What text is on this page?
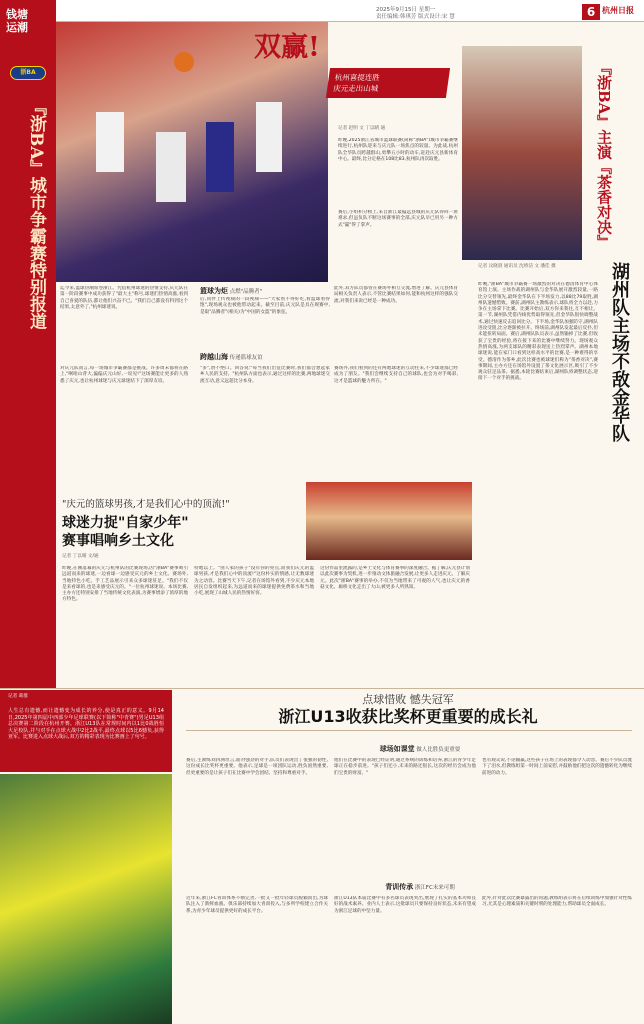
2025年9月15日 星期一
责任编辑:韩琪芳 版式设计:宋 慧	6 杭州日报
钱塘运潮
浙BA
『浙BA』城市争霸赛特别报道
双赢!
杭州喜提连胜
庆元走出山城
记者 赵明 文 丁以晴 通
昨晚,2025浙江省城市篮球联赛(简称"浙BA")城市争霸赛继续进行,杭州队迎来与庆元队一场焦点的较量。为此战,杭州队全华队员跨越群山,勇攀五小时的动车,赶赴庆元县新体育中心。最终,比分定格在108比83,杭州队再次取胜。
赛后,小组积分榜上,来自浙江最偏远县城的庆元队得回一席难求,但虽负队不断这场赛事的全部,庆元队早已用另一种方式"赢"得了掌声。
迄今来,篮球热潮席卷浙江。凭借杭州球迷的热情支持,庆元队在第一阶段赛事中成功获得了"最大主"称号,球迷们热情高涨,看到自己喜爱的队伍,都让他们兴奋不已。"我们自己都没有料到这个结果,太意外了,"杭州球迷说。
篮球为炬 点燃"品腾者"
后,同伴上传视频的一段视频——"大家看不得好吃,看篮球看得饱",现场观众也被他带动起来。截至目前,庆元队是具在规赛中,是取"品腾者"(相关)为"中国的女篮"的象征。
此外,双方队员都曾在赛场外相互交流,增进了解。庆元县体育局相关负责人表示,不管比赛结果如何,能和杭州这样的强队交流,对我们来说已经是一种成功。
跨越山海 传递篮球友谊
对庆元队而言,每一场城市争霸赛都是挑战。许多周末都将在路上,"啊咱山背大,偏偏庆元山好,一说见!"这场赛能让更多的人熟悉了庆元,也让杭州球迷与庆元球迷结下了深厚友谊。
"多",赞不绝口。回答说:"每当我们出征比赛时,我们都会想起家乡人民的支持。"杭州队方面也表示,通过这样的比赛,两地球迷交流互动,意义远超比分本身。
赛场外,我们看到的还有两地球迷的互动往来,不少球迷都已经成为了朋友。"我们会继续支持自己的球队,也会为对手喝彩,这才是篮球的魅力所在。"
『浙BA』主演『茶香对决』
湖州队主场不敌金华队
记者 汶晓晨 通讯员 沈娇洁 文 潘佳 摄
昨晚,"浙BA"城市争霸赛一场激烈的对决在德清体育中心体育馆上演。主场作战的湖州队与金华队展开激烈较量,一路比分交替领先,最终金华队在下半场发力,以88比79取胜,湖州队遗憾惜败。赛前,湖州队主教练表示,球队将全力以赴,力争在主场拿下比赛。比赛开始后,双方你来我往,互不相让。第一节,湖州队凭借内线优势取得领先,但金华队很快调整战术,通过快速反击追回比分。下半场,金华队加强防守,湖州队进攻受阻,比分逐渐被拉开。终场前,湖州队发起最后反扑,但未能扭转局面。赛后,湖州队队员表示,虽然输掉了比赛,但收获了宝贵的经验,将在接下来的比赛中继续努力。现场观众热情高涨,为两支球队的精彩表现送上热烈掌声。湖州本地球迷说,能在家门口看到这样高水平的比赛,是一种难得的享受。德清作为茶乡,此次比赛也被球迷们称为"茶香对决",赛事期间,主办方还在场馆外设置了茶文化展示区,吸引了不少观众驻足品茶。据悉,本轮比赛结束后,湖州队将调整状态,迎接下一个对手的挑战。
"庆元的篮球男孩,才是我们心中的顶流!"
球迷力捉"自家少年"
赛事唱响乡土文化
记者 丁以晴 文/通
昨晚,在刚落幕的庆元与杭州队的比赛现场,因"浙BA"赛事吸引远道而来的球迷,一边看球一边感受庆元的乡土文化。赛场外,当地特色小吃、手工艺品展示引来众多球迷驻足。"我们不仅是来看球的,也是来感受庆元的。"一位杭州球迷说。本场比赛,主办方还特别安排了当地传统文化表演,为赛事增添了浓厚的地方特色。
特地以上。"别人家的孩子"没有你的亮点,而我们庆元的篮球男孩,才是我们心中的顶流!"这份朴实的情感,让无数球迷为之动容。比赛当天下午,记者在场馆外看到,不少庆元本地居民自发组织起来,为远道而来的球迷提供免费茶水和当地小吃,展现了山城人民的热情好客。
这份作品里流露的,是乡土文化与体育赛事的深度融合。据了解,庆元县计划以此次赛事为契机,进一步推动文体旅融合发展,让更多人走进庆元、了解庆元。此次"浙BA"赛事的举办,不仅为当地带来了可观的人气,也让庆元的香菇文化、廊桥文化走出了大山,被更多人所熟知。
人生总有遗憾,而让遗憾变为成长的养分,使是真正的意义。9月14日,2025年第四届中西部少年足球联赛(以下简称"中青赛")男足U13组总决赛第二阶段在杭州开赛。浙江U13队在常规时间内以1比0战胜恒大足校队,并与对手在点球大战中2比2战平,最终点球以5比6憾负,获得亚军。比赛进入点球大战后,双方的精彩表现为比赛画上了句号。
记者 葛群	点球惜败 憾失冠军
浙江U13收获比奖杯更重要的成长礼
球场如课堂 做人比胜负更重要
赛后,主教练刘四洲坦言,面对强劲的对手,队员们表现出了很强的韧性,这份成长比奖杯更重要。他表示,足球是一项团队运动,胜负固然重要,但更重要的是让孩子们在比赛中学会团结、坚持和尊重对手。
他们在比赛中的表现已经证明,通过系统的训练和培养,浙江的青少年足球正在稳步前进。"孩子们还小,未来的路还很长,这次的经历会成为他们宝贵的财富。"
也有观众说,不论输赢,这些孩子在场上的表现都令人动容。赛后不少队员流下了泪水,但教练组第一时间上前安慰,并鼓励他们把这次的遗憾转化为继续前进的动力。
青训传承 浙江FC未来可期
近年来,浙江FC青训体系不断完善,一批又一批年轻球员脱颖而出,为球队注入了新鲜血液。俱乐部持续加大青训投入,与多所学校建立合作关系,为青少年球员提供更好的成长平台。
浙江U13队本届比赛中有多名球员表现突出,展现了扎实的基本功和良好的战术素养。业内人士表示,这批球员只要保持良好状态,未来有望成为浙江足球的中坚力量。
此外,针对此次比赛暴露出的问题,教练组表示将在后续训练中加强针对性练习,尤其是心理素质和关键时刻的处理能力,帮助球员全面成长。
